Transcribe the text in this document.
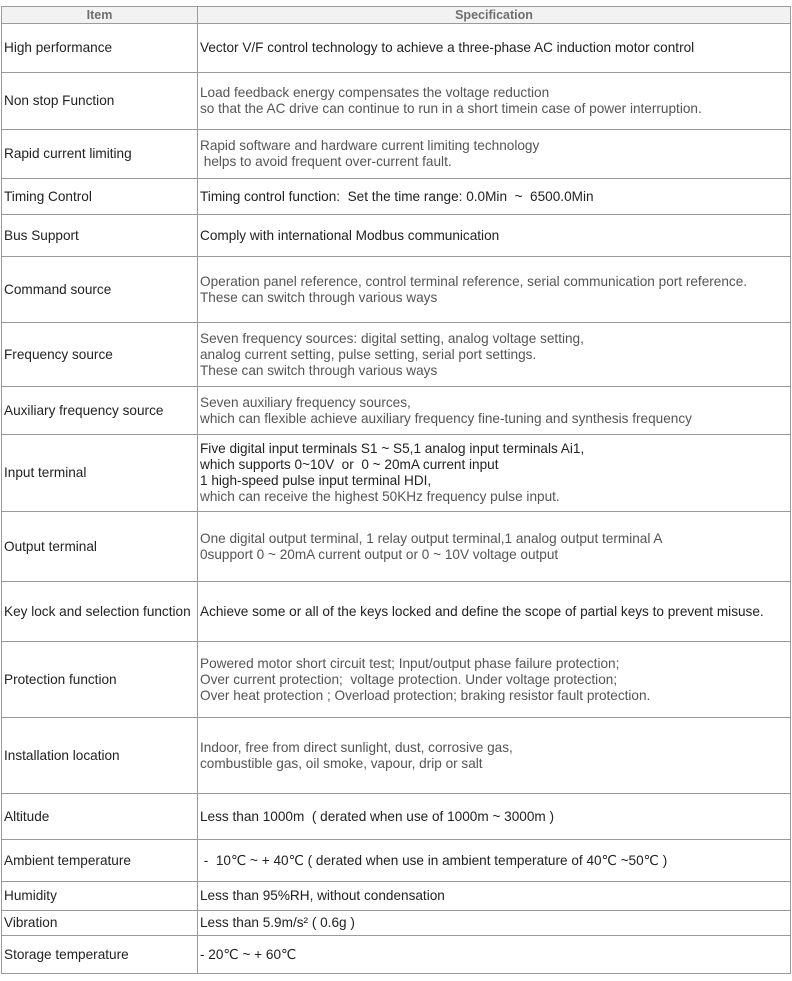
Item	Specification
High performance	Vector V/F control technology to achieve a three-phase AC induction motor control

Non stop Function	Load feedback energy compensates the voltage reduction
so that the AC drive can continue to run in a short timein case of power interruption.

Rapid current limiting	Rapid software and hardware current limiting technology
helps to avoid frequent over-current fault.

Timing Control	Timing control function:  Set the time range: 0.0Min  ~  6500.0Min

Bus Support	Comply with international Modbus communication

Command source	Operation panel reference, control terminal reference, serial communication port reference.
These can switch through various ways

Frequency source	Seven frequency sources: digital setting, analog voltage setting,
analog current setting, pulse setting, serial port settings.
These can switch through various ways

Auxiliary frequency source	Seven auxiliary frequency sources,
which can flexible achieve auxiliary frequency fine-tuning and synthesis frequency

Input terminal	Five digital input terminals S1 ~ S5,1 analog input terminals Ai1,
which supports 0~10V  or  0 ~ 20mA current input
1 high-speed pulse input terminal HDI,
which can receive the highest 50KHz frequency pulse input.

Output terminal	One digital output terminal, 1 relay output terminal,1 analog output terminal A
0support 0 ~ 20mA current output or 0 ~ 10V voltage output

Key lock and selection function	Achieve some or all of the keys locked and define the scope of partial keys to prevent misuse.

Protection function	Powered motor short circuit test; Input/output phase failure protection;
Over current protection;  voltage protection. Under voltage protection;
Over heat protection ; Overload protection; braking resistor fault protection.

Installation location	Indoor, free from direct sunlight, dust, corrosive gas,
combustible gas, oil smoke, vapour, drip or salt

Altitude	Less than 1000m  ( derated when use of 1000m ~ 3000m )

Ambient temperature	-  10℃ ~ + 40℃ ( derated when use in ambient temperature of 40℃ ~50℃ )

Humidity	Less than 95%RH, without condensation

Vibration	Less than 5.9m/s² ( 0.6g )

Storage temperature	- 20℃ ~ + 60℃
